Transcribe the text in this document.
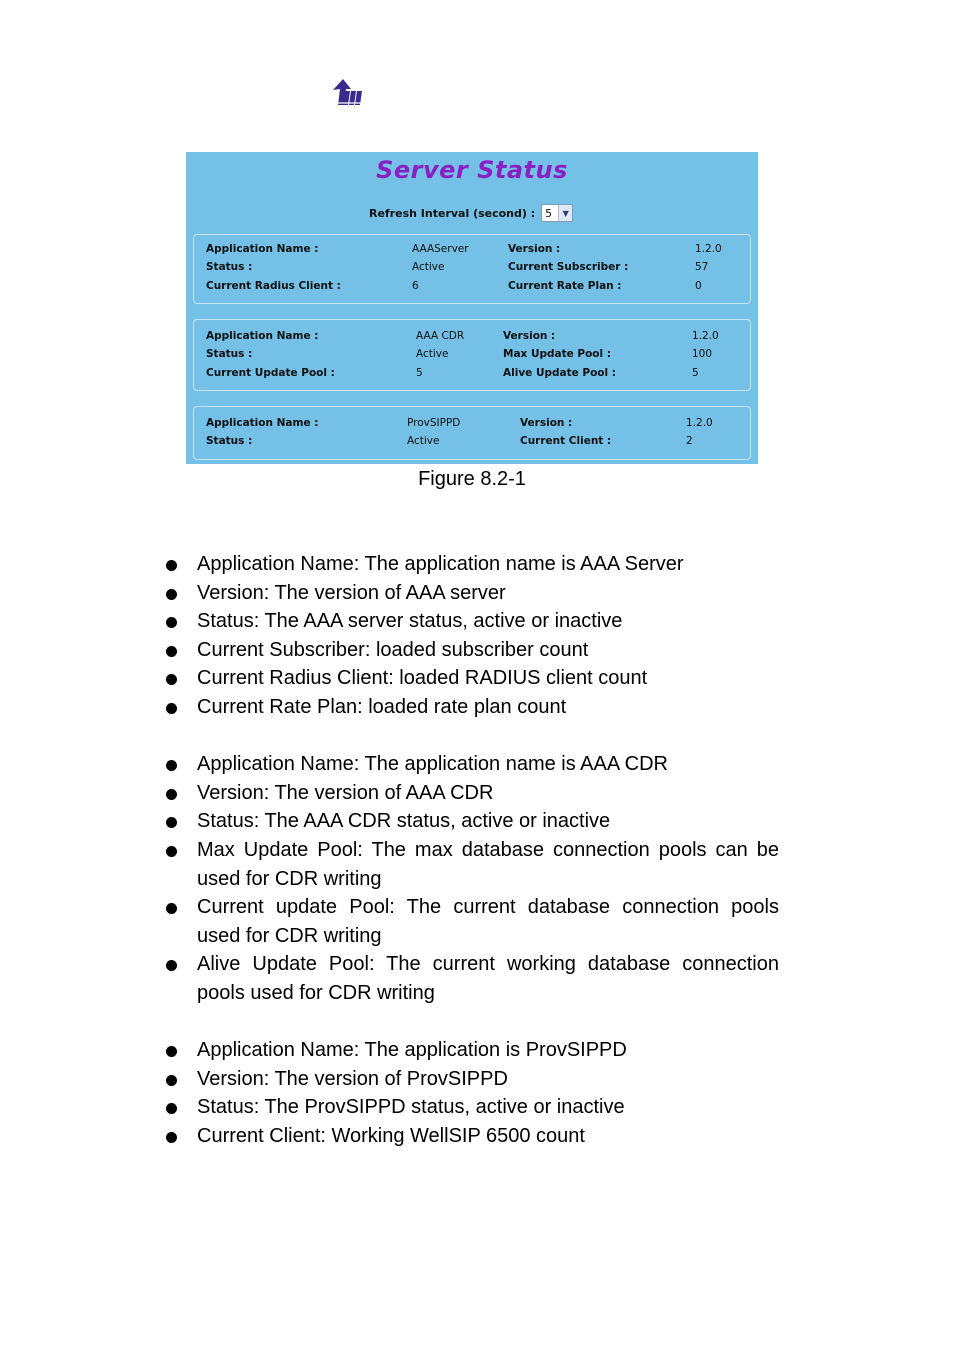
Server Status
Refresh Interval (second) : 5	▼
Application Name :	AAAServer	Version :	1.2.0
Status :	Active	Current Subscriber :	57
Current Radius Client :	6	Current Rate Plan :	0
Application Name :	AAA CDR	Version :	1.2.0
Status :	Active	Max Update Pool :	100
Current Update Pool :	5	Alive Update Pool :	5
Application Name :	ProvSIPPD	Version :	1.2.0
Status :	Active	Current Client :	2
Figure 8.2-1
Application Name: The application name is AAA Server
Version: The version of AAA server
Status: The AAA server status, active or inactive
Current Subscriber: loaded subscriber count
Current Radius Client: loaded RADIUS client count
Current Rate Plan: loaded rate plan count
Application Name: The application name is AAA CDR
Version: The version of AAA CDR
Status: The AAA CDR status, active or inactive
Max Update Pool: The max database connection pools can be used for CDR writing
Current update Pool: The current database connection pools used for CDR writing
Alive Update Pool: The current working database connection pools used for CDR writing
Application Name: The application is ProvSIPPD
Version: The version of ProvSIPPD
Status: The ProvSIPPD status, active or inactive
Current Client: Working WellSIP 6500 count
